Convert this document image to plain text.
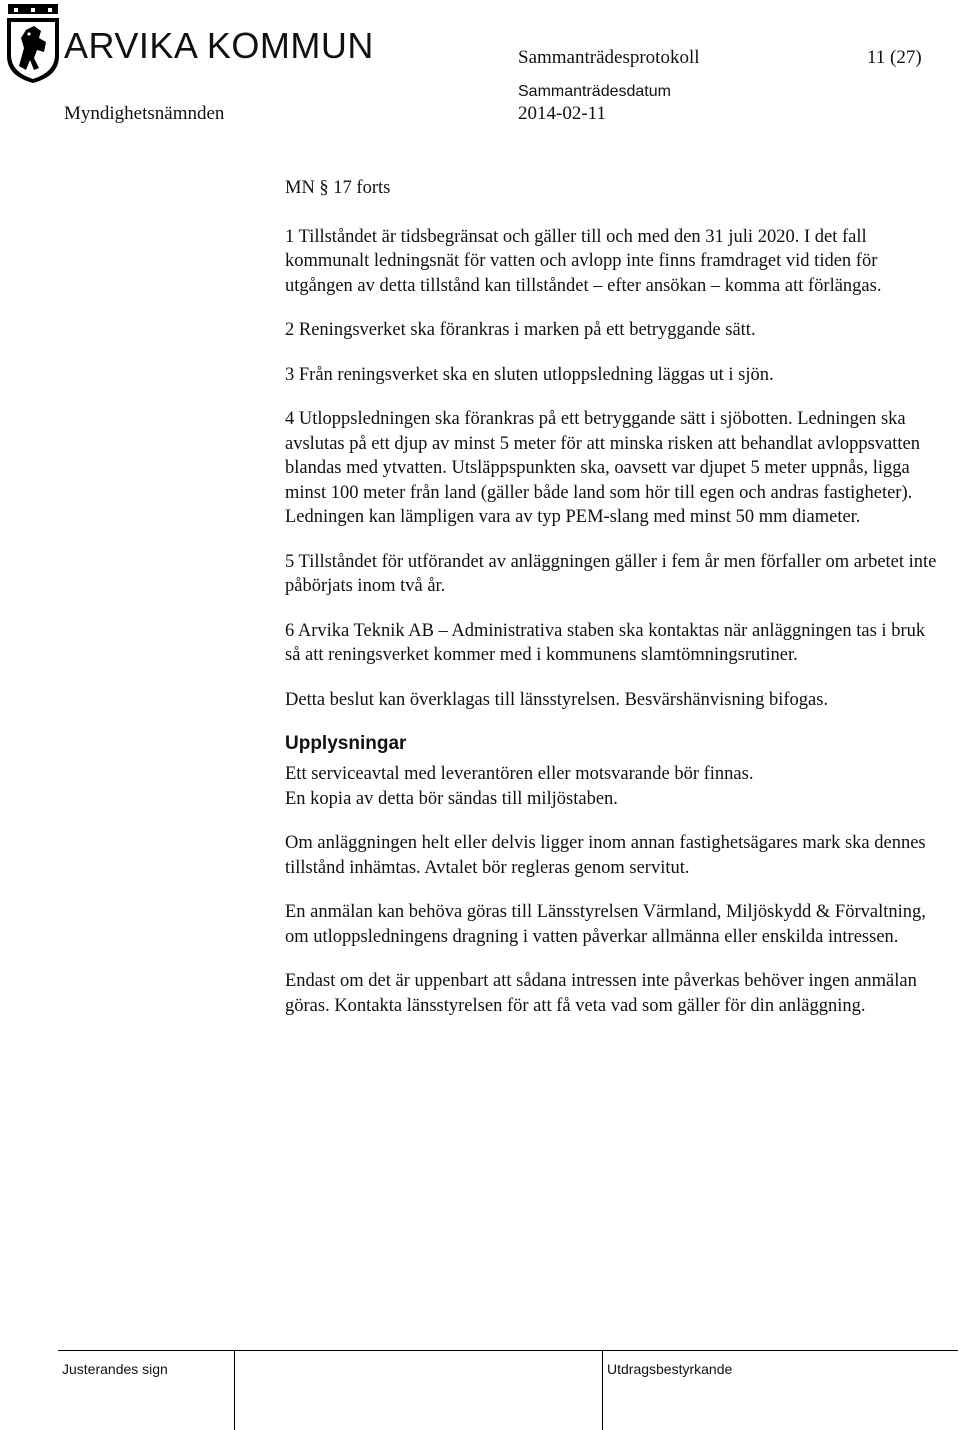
ARVIKA KOMMUN	Sammanträdesprotokoll	11 (27)
Sammanträdesdatum
Myndighetsnämnden	2014-02-11

MN § 17 forts

1 Tillståndet är tidsbegränsat och gäller till och med den 31 juli 2020. I det fall kommunalt ledningsnät för vatten och avlopp inte finns framdraget vid tiden för utgången av detta tillstånd kan tillståndet – efter ansökan – komma att förlängas.

2 Reningsverket ska förankras i marken på ett betryggande sätt.

3 Från reningsverket ska en sluten utloppsledning läggas ut i sjön.

4 Utloppsledningen ska förankras på ett betryggande sätt i sjöbotten. Ledningen ska avslutas på ett djup av minst 5 meter för att minska risken att behandlat avloppsvatten blandas med ytvatten. Utsläppspunkten ska, oavsett var djupet 5 meter uppnås, ligga minst 100 meter från land (gäller både land som hör till egen och andras fastigheter). Ledningen kan lämpligen vara av typ PEM-slang med minst 50 mm diameter.

5 Tillståndet för utförandet av anläggningen gäller i fem år men förfaller om arbetet inte påbörjats inom två år.

6 Arvika Teknik AB – Administrativa staben ska kontaktas när anläggningen tas i bruk så att reningsverket kommer med i kommunens slamtömningsrutiner.

Detta beslut kan överklagas till länsstyrelsen. Besvärshänvisning bifogas.

Upplysningar

Ett serviceavtal med leverantören eller motsvarande bör finnas.

En kopia av detta bör sändas till miljöstaben.

Om anläggningen helt eller delvis ligger inom annan fastighetsägares mark ska dennes tillstånd inhämtas. Avtalet bör regleras genom servitut.

En anmälan kan behöva göras till Länsstyrelsen Värmland, Miljöskydd & Förvaltning, om utloppsledningens dragning i vatten påverkar allmänna eller enskilda intressen.

Endast om det är uppenbart att sådana intressen inte påverkas behöver ingen anmälan göras. Kontakta länsstyrelsen för att få veta vad som gäller för din anläggning.

Justerandes sign	Utdragsbestyrkande
